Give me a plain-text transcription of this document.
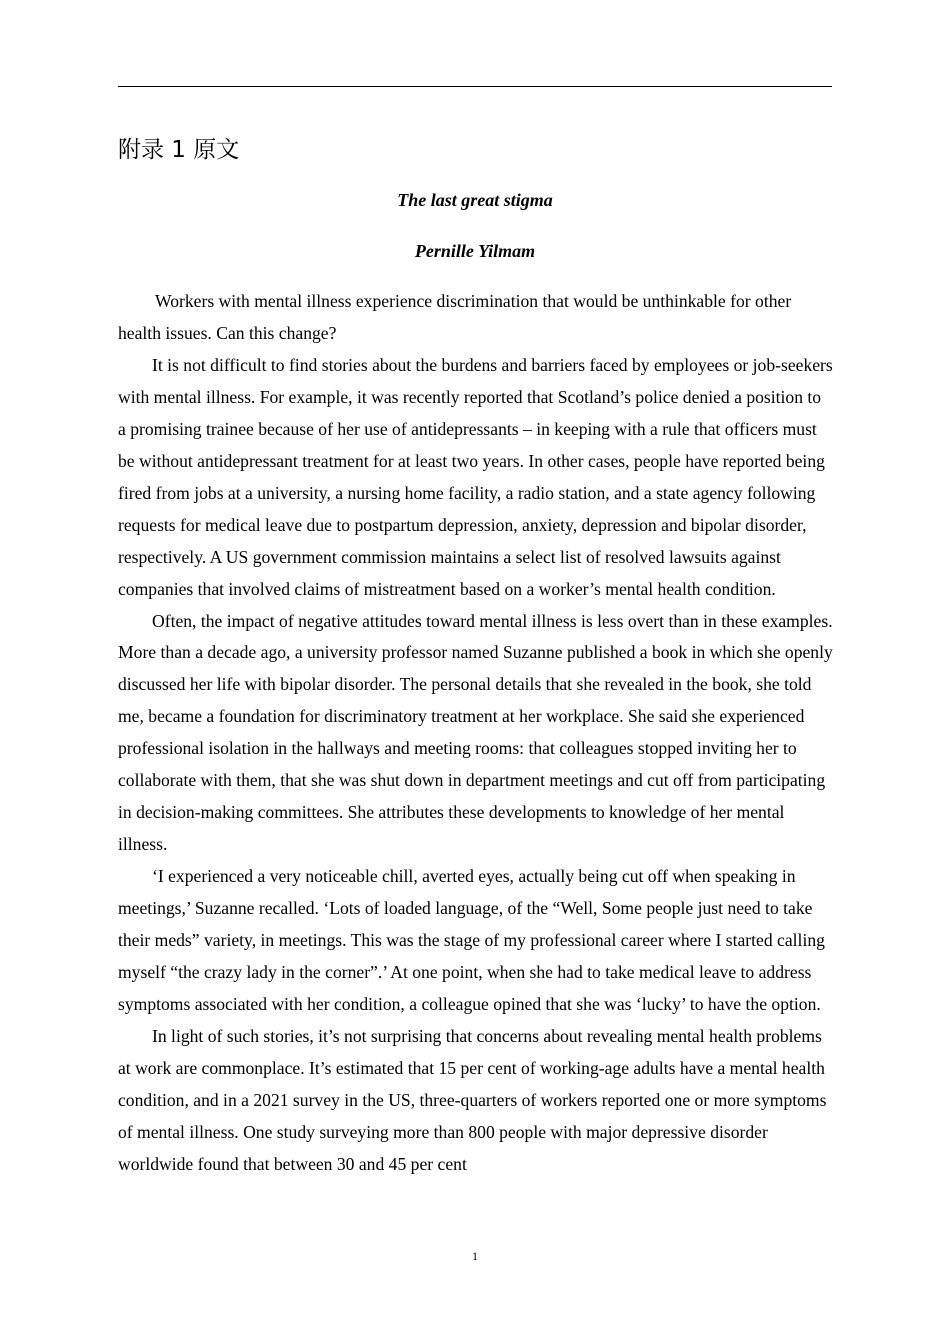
附录 1 原文
The last great stigma
Pernille Yilmam

Workers with mental illness experience discrimination that would be unthinkable for other health issues. Can this change?

It is not difficult to find stories about the burdens and barriers faced by employees or job-seekers with mental illness. For example, it was recently reported that Scotland’s police denied a position to a promising trainee because of her use of antidepressants – in keeping with a rule that officers must be without antidepressant treatment for at least two years. In other cases, people have reported being fired from jobs at a university, a nursing home facility, a radio station, and a state agency following requests for medical leave due to postpartum depression, anxiety, depression and bipolar disorder, respectively. A US government commission maintains a select list of resolved lawsuits against companies that involved claims of mistreatment based on a worker’s mental health condition.

Often, the impact of negative attitudes toward mental illness is less overt than in these examples. More than a decade ago, a university professor named Suzanne published a book in which she openly discussed her life with bipolar disorder. The personal details that she revealed in the book, she told me, became a foundation for discriminatory treatment at her workplace. She said she experienced professional isolation in the hallways and meeting rooms: that colleagues stopped inviting her to collaborate with them, that she was shut down in department meetings and cut off from participating in decision-making committees. She attributes these developments to knowledge of her mental illness.

‘I experienced a very noticeable chill, averted eyes, actually being cut off when speaking in meetings,’ Suzanne recalled. ‘Lots of loaded language, of the “Well, Some people just need to take their meds” variety, in meetings. This was the stage of my professional career where I started calling myself “the crazy lady in the corner”.’ At one point, when she had to take medical leave to address symptoms associated with her condition, a colleague opined that she was ‘lucky’ to have the option.

In light of such stories, it’s not surprising that concerns about revealing mental health problems at work are commonplace. It’s estimated that 15 per cent of working-age adults have a mental health condition, and in a 2021 survey in the US, three-quarters of workers reported one or more symptoms of mental illness. One study surveying more than 800 people with major depressive disorder worldwide found that between 30 and 45 per cent

1
